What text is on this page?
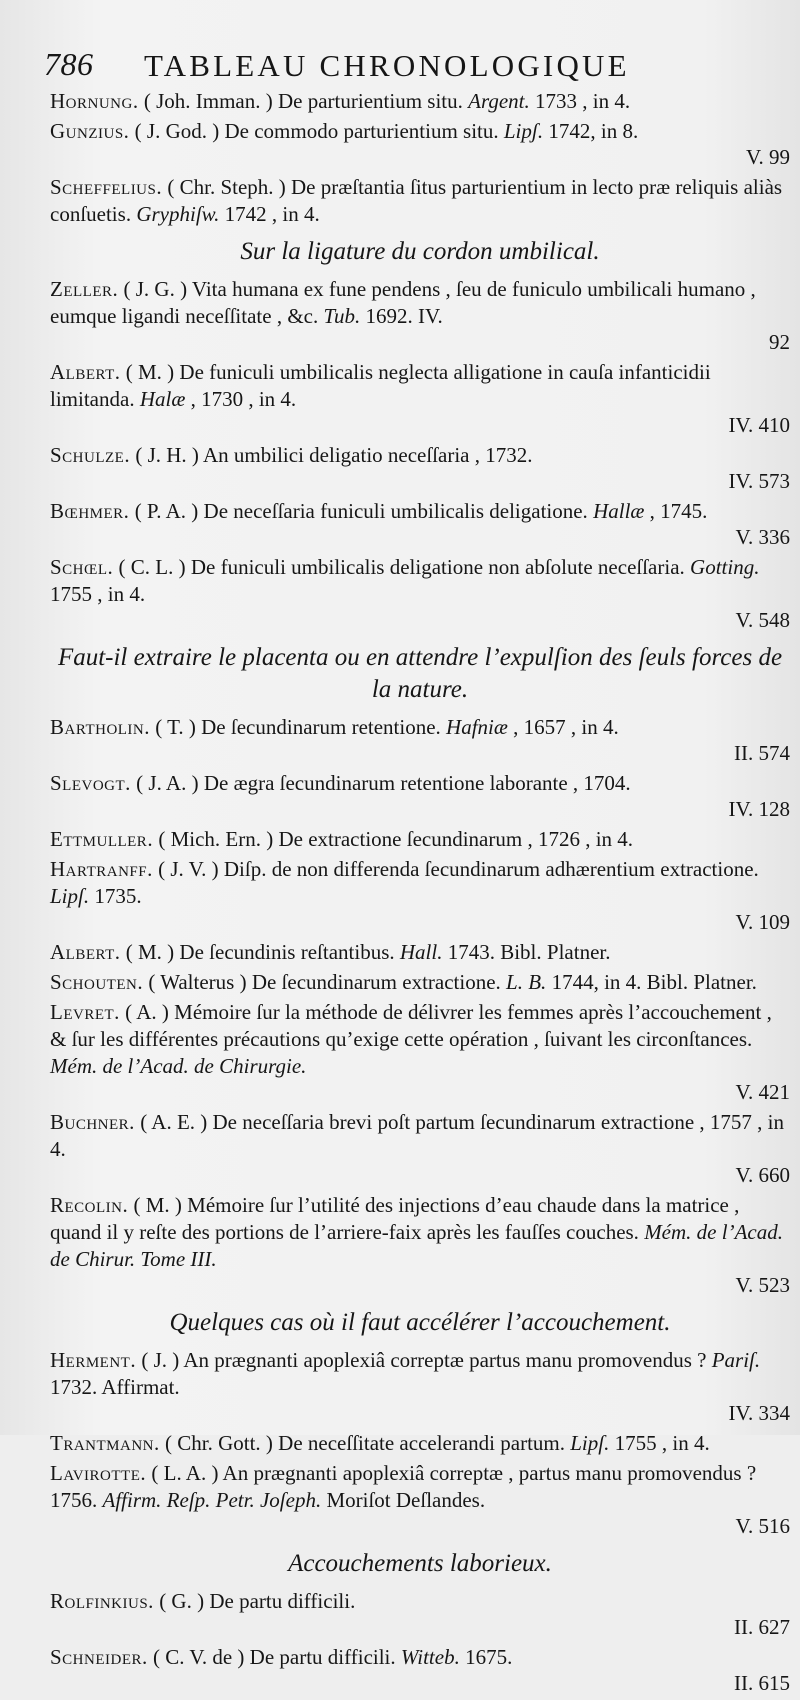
786 TABLEAU CHRONOLOGIQUE
Hornung. ( Joh. Imman. ) De parturientium situ. Argent. 1733 , in 4.
Gunzius. ( J. God. ) De commodo parturientium situ. Lipʃ. 1742, in 8.
V. 99
Scheffelius. ( Chr. Steph. ) De præſtantia ſitus parturientium in lecto præ reliquis aliàs conſuetis. Gryphiſw. 1742 , in 4.
Sur la ligature du cordon umbilical.
Zeller. ( J. G. ) Vita humana ex fune pendens , ſeu de funiculo umbilicali humano , eumque ligandi neceſſitate , &c. Tub. 1692. IV.
92
Albert. ( M. ) De funiculi umbilicalis neglecta alligatione in cauſa infanticidii limitanda. Halæ , 1730 , in 4.
IV. 410
Schulze. ( J. H. ) An umbilici deligatio neceſſaria , 1732.
IV. 573
Bœhmer. ( P. A. ) De neceſſaria funiculi umbilicalis deligatione. Hallæ , 1745.
V. 336
Schœl. ( C. L. ) De funiculi umbilicalis deligatione non abſolute neceſſaria. Gotting. 1755 , in 4.
V. 548
Faut-il extraire le placenta ou en attendre l’expulſion des ſeuls forces de la nature.
Bartholin. ( T. ) De ſecundinarum retentione. Hafniæ , 1657 , in 4.
II. 574
Slevogt. ( J. A. ) De ægra ſecundinarum retentione laborante , 1704.
IV. 128
Ettmuller. ( Mich. Ern. ) De extractione ſecundinarum , 1726 , in 4.
Hartranff. ( J. V. ) Diſp. de non differenda ſecundinarum adhærentium extractione. Lipſ. 1735.
V. 109
Albert. ( M. ) De ſecundinis reſtantibus. Hall. 1743. Bibl. Platner.
Schouten. ( Walterus ) De ſecundinarum extractione. L. B. 1744, in 4. Bibl. Platner.
Levret. ( A. ) Mémoire ſur la méthode de délivrer les femmes après l’accouchement , & ſur les différentes précautions qu’exige cette opération , ſuivant les circonſtances. Mém. de l’Acad. de Chirurgie.
V. 421
Buchner. ( A. E. ) De neceſſaria brevi poſt partum ſecundinarum extractione , 1757 , in 4.
V. 660
Recolin. ( M. ) Mémoire ſur l’utilité des injections d’eau chaude dans la matrice , quand il y reſte des portions de l’arriere-faix après les fauſſes couches. Mém. de l’Acad. de Chirur. Tome III.
V. 523
Quelques cas où il faut accélérer l’accouchement.
Herment. ( J. ) An prægnanti apoplexiâ correptæ partus manu promovendus ? Pariſ. 1732. Affirmat.
IV. 334
Trantmann. ( Chr. Gott. ) De neceſſitate accelerandi partum. Lipſ. 1755 , in 4.
Lavirotte. ( L. A. ) An prægnanti apoplexiâ correptæ , partus manu promovendus ? 1756. Affirm. Reſp. Petr. Joſeph. Moriſot Deſlandes.
V. 516
Accouchements laborieux.
Rolfinkius. ( G. ) De partu difficili.
II. 627
Schneider. ( C. V. de ) De partu difficili. Witteb. 1675.
II. 615
